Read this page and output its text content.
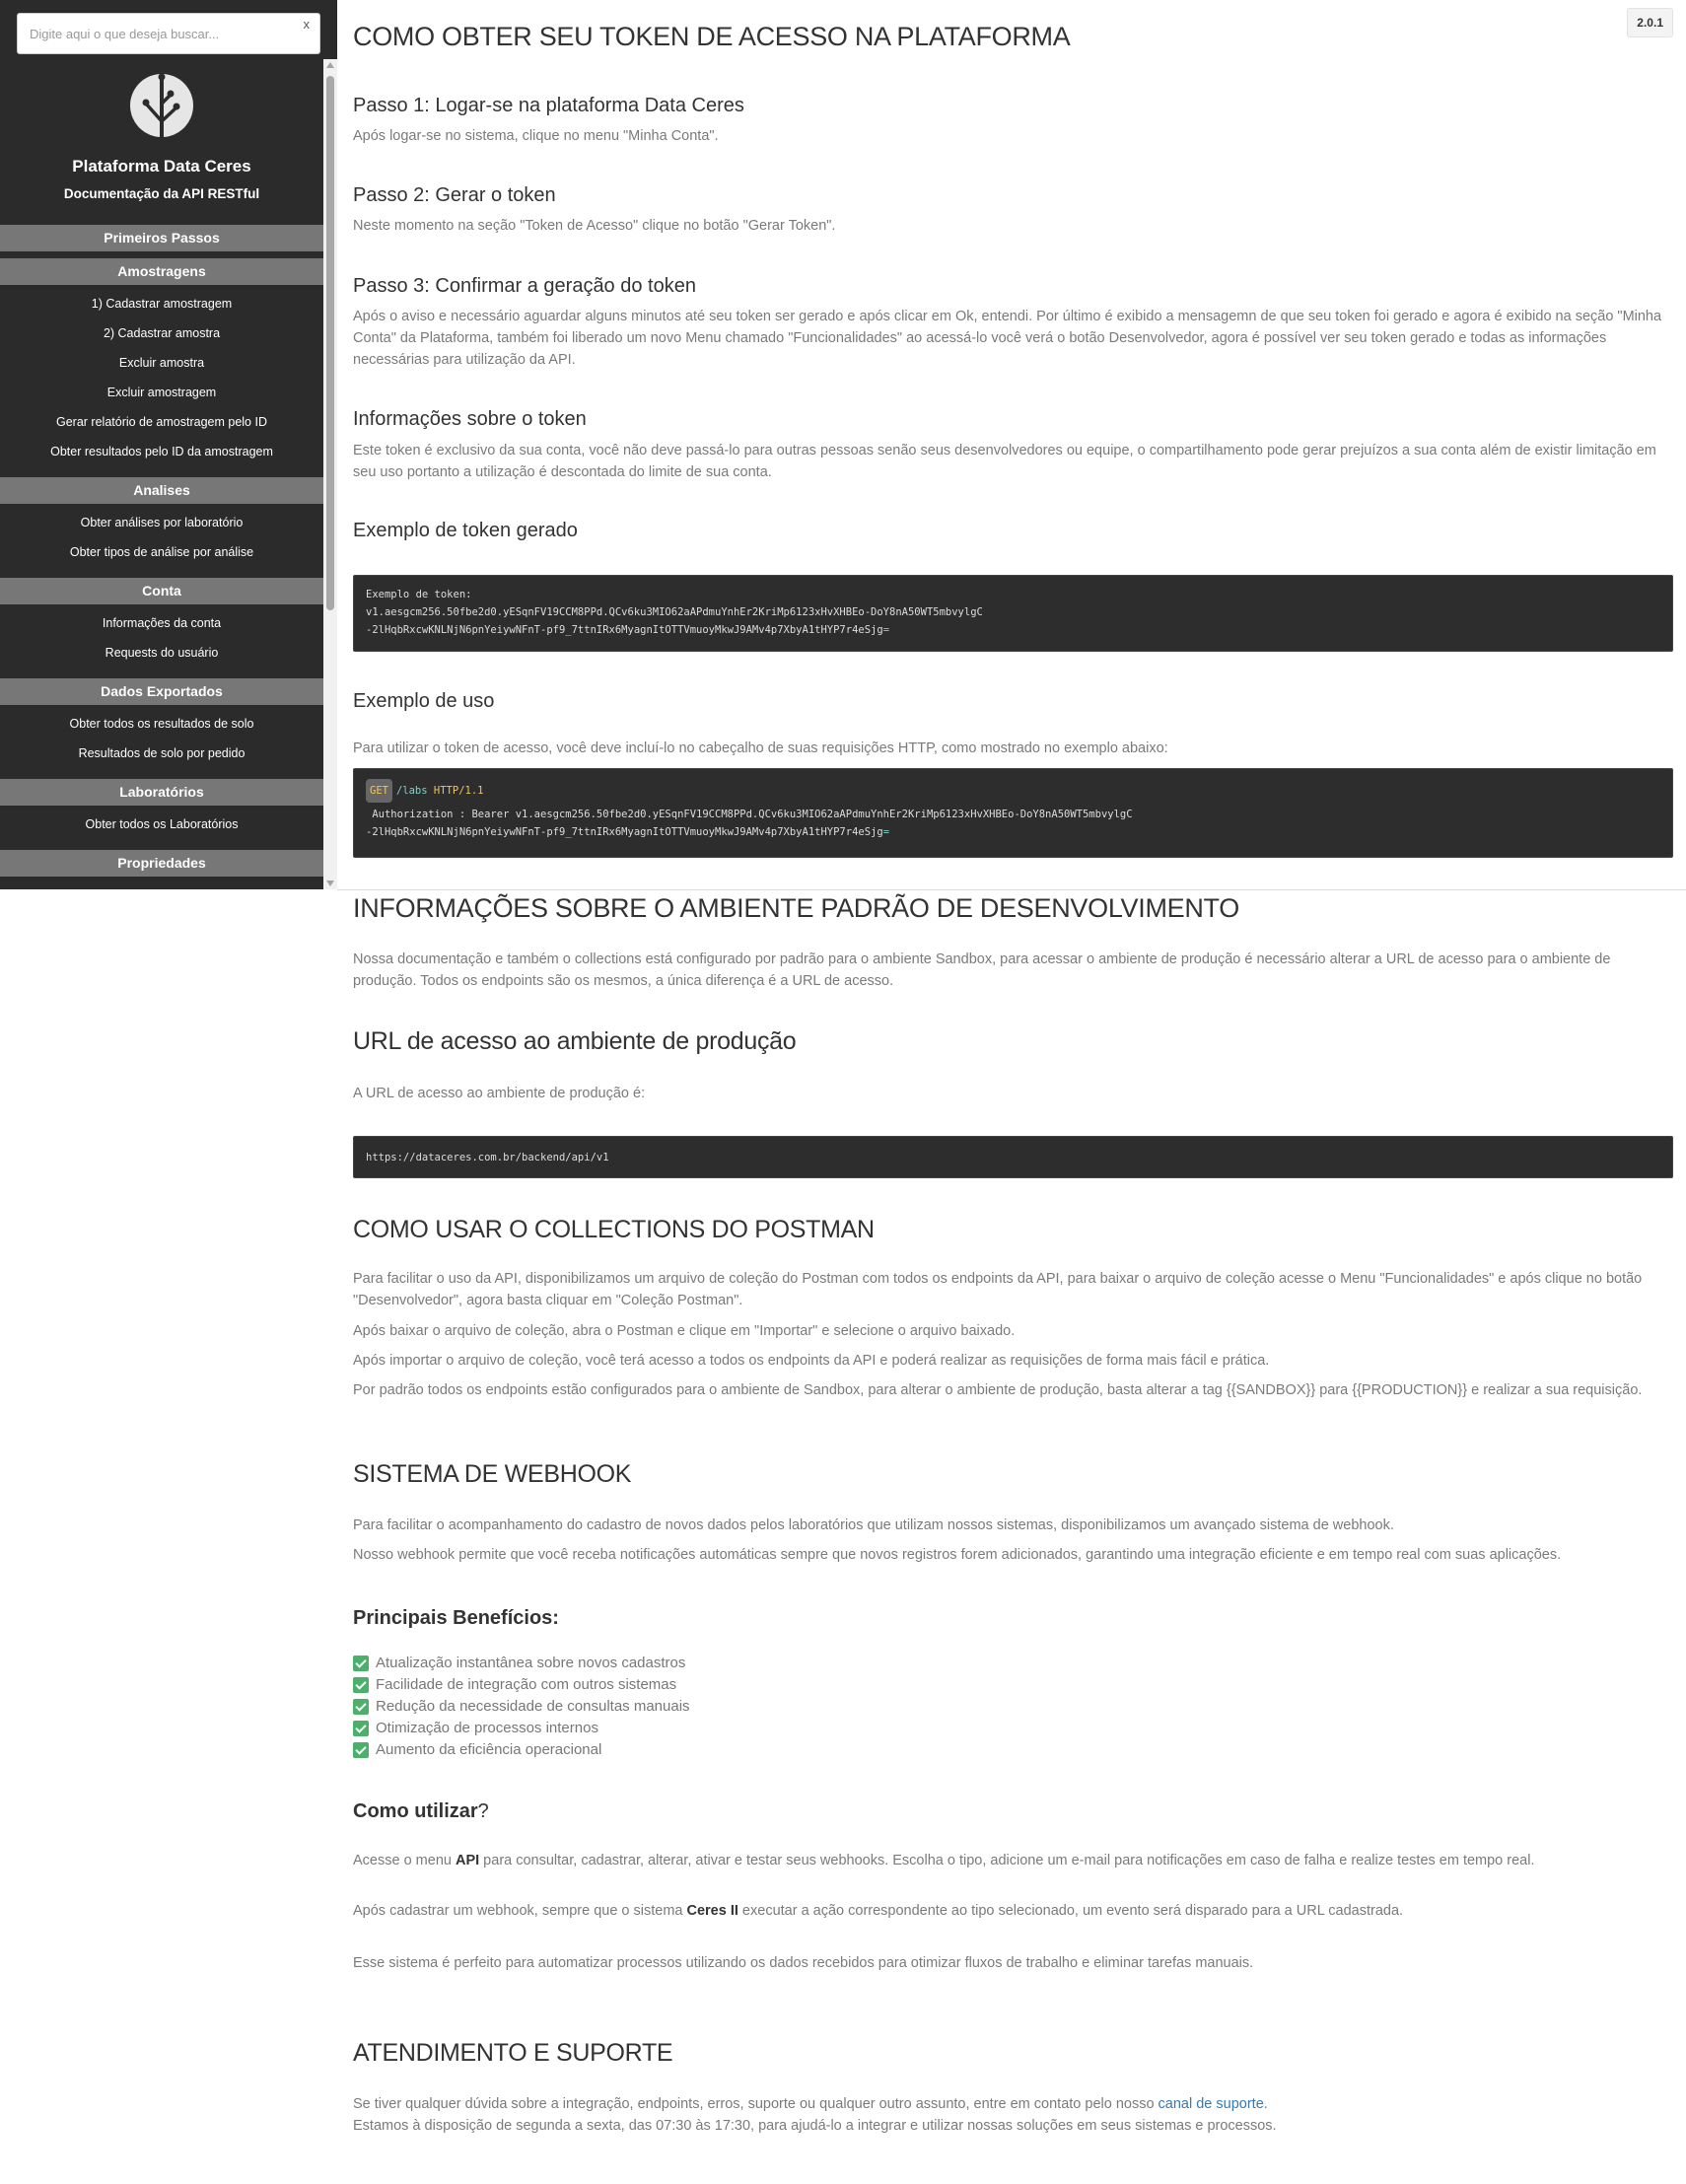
Digite aqui o que deseja buscar...
x
Plataforma Data Ceres
Documentação da API RESTful
Primeiros Passos
Amostragens
1) Cadastrar amostragem
2) Cadastrar amostra
Excluir amostra
Excluir amostragem
Gerar relatório de amostragem pelo ID
Obter resultados pelo ID da amostragem
Analises
Obter análises por laboratório
Obter tipos de análise por análise
Conta
Informações da conta
Requests do usuário
Dados Exportados
Obter todos os resultados de solo
Resultados de solo por pedido
Laboratórios
Obter todos os Laboratórios
Propriedades
2.0.1
COMO OBTER SEU TOKEN DE ACESSO NA PLATAFORMA
Passo 1: Logar-se na plataforma Data Ceres

Após logar-se no sistema, clique no menu "Minha Conta".

Passo 2: Gerar o token

Neste momento na seção "Token de Acesso" clique no botão "Gerar Token".

Passo 3: Confirmar a geração do token

Após o aviso e necessário aguardar alguns minutos até seu token ser gerado e após clicar em Ok, entendi. Por último é exibido a mensagemn de que seu token foi gerado e agora é exibido na seção "Minha Conta" da Plataforma, também foi liberado um novo Menu chamado "Funcionalidades" ao acessá-lo você verá o botão Desenvolvedor, agora é possível ver seu token gerado e todas as informações necessárias para utilização da API.

Informações sobre o token

Este token é exclusivo da sua conta, você não deve passá-lo para outras pessoas senão seus desenvolvedores ou equipe, o compartilhamento pode gerar prejuízos a sua conta além de existir limitação em seu uso portanto a utilização é descontada do limite de sua conta.

Exemplo de token gerado
Exemplo de token:
v1.aesgcm256.50fbe2d0.yESqnFV19CCM8PPd.QCv6ku3MIO62aAPdmuYnhEr2KriMp6123xHvXHBEo-DoY8nA50WT5mbvylgC
-2lHqbRxcwKNLNjN6pnYeiywNFnT-pf9_7ttnIRx6MyagnItOTTVmuoyMkwJ9AMv4p7XbyA1tHYP7r4eSjg=
Exemplo de uso

Para utilizar o token de acesso, você deve incluí-lo no cabeçalho de suas requisições HTTP, como mostrado no exemplo abaixo:

GET /labs HTTP/1.1
Authorization : Bearer v1.aesgcm256.50fbe2d0.yESqnFV19CCM8PPd.QCv6ku3MIO62aAPdmuYnhEr2KriMp6123xHvXHBEo-DoY8nA50WT5mbvylgC
-2lHqbRxcwKNLNjN6pnYeiywNFnT-pf9_7ttnIRx6MyagnItOTTVmuoyMkwJ9AMv4p7XbyA1tHYP7r4eSjg=
INFORMAÇÕES SOBRE O AMBIENTE PADRÃO DE DESENVOLVIMENTO

Nossa documentação e também o collections está configurado por padrão para o ambiente Sandbox, para acessar o ambiente de produção é necessário alterar a URL de acesso para o ambiente de produção. Todos os endpoints são os mesmos, a única diferença é a URL de acesso.

URL de acesso ao ambiente de produção

A URL de acesso ao ambiente de produção é:

https://dataceres.com.br/backend/api/v1
COMO USAR O COLLECTIONS DO POSTMAN

Para facilitar o uso da API, disponibilizamos um arquivo de coleção do Postman com todos os endpoints da API, para baixar o arquivo de coleção acesse o Menu "Funcionalidades" e após clique no botão "Desenvolvedor", agora basta cliquar em "Coleção Postman".

Após baixar o arquivo de coleção, abra o Postman e clique em "Importar" e selecione o arquivo baixado.

Após importar o arquivo de coleção, você terá acesso a todos os endpoints da API e poderá realizar as requisições de forma mais fácil e prática.

Por padrão todos os endpoints estão configurados para o ambiente de Sandbox, para alterar o ambiente de produção, basta alterar a tag {{SANDBOX}} para {{PRODUCTION}} e realizar a sua requisição.

SISTEMA DE WEBHOOK

Para facilitar o acompanhamento do cadastro de novos dados pelos laboratórios que utilizam nossos sistemas, disponibilizamos um avançado sistema de webhook.

Nosso webhook permite que você receba notificações automáticas sempre que novos registros forem adicionados, garantindo uma integração eficiente e em tempo real com suas aplicações.

Principais Benefícios:
Atualização instantânea sobre novos cadastros
Facilidade de integração com outros sistemas
Redução da necessidade de consultas manuais
Otimização de processos internos
Aumento da eficiência operacional
Como utilizar?

Acesse o menu API para consultar, cadastrar, alterar, ativar e testar seus webhooks. Escolha o tipo, adicione um e-mail para notificações em caso de falha e realize testes em tempo real.

Após cadastrar um webhook, sempre que o sistema Ceres II executar a ação correspondente ao tipo selecionado, um evento será disparado para a URL cadastrada.

Esse sistema é perfeito para automatizar processos utilizando os dados recebidos para otimizar fluxos de trabalho e eliminar tarefas manuais.

ATENDIMENTO E SUPORTE

Se tiver qualquer dúvida sobre a integração, endpoints, erros, suporte ou qualquer outro assunto, entre em contato pelo nosso canal de suporte.

Estamos à disposição de segunda a sexta, das 07:30 às 17:30, para ajudá-lo a integrar e utilizar nossas soluções em seus sistemas e processos.
